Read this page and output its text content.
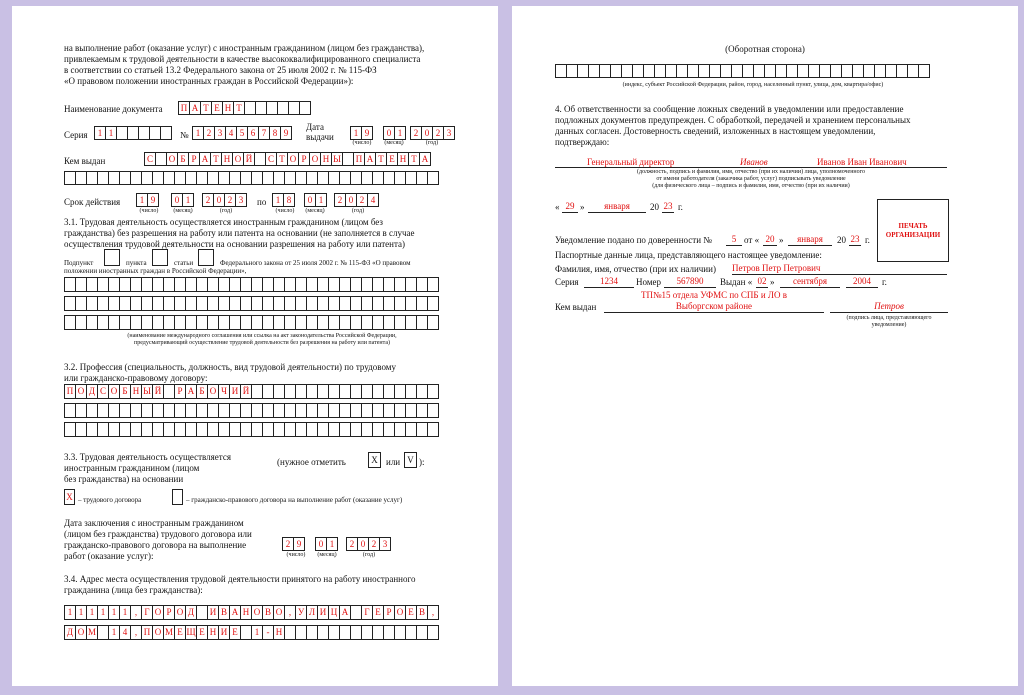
на выполнение работ (оказание услуг) с иностранным гражданином (лицом без гражданства),
привлекаемым к трудовой деятельности в качестве высококвалифицированного специалиста
в соответствии со статьей 13.2 Федерального закона от 25 июля 2002 г. № 115-ФЗ
«О правовом положении иностранных граждан в Российской Федерации»):
Наименование документа	П А Т Е Н Т
Серия	1 1	№ 1 2 3 4 5 6 7 8 9
Дата выдачи	1 9	0 1	2 0 2 3
(число)	(месяц)	(год)
Кем выдан	С	О Б Р А Т Н О Й	С Т О Р О Н Ы	П А Т Е Н Т А
Срок действия	1 9	0 1	2 0 2 3	по	1 8	0 1	2 0 2 4
(число)	(месяц)	(год)	(число)	(месяц)	(год)
3.1. Трудовая деятельность осуществляется иностранным гражданином (лицом без
гражданства) без разрешения на работу или патента на основании (не заполняется в случае
осуществления трудовой деятельности на основании разрешения на работу или патента)
Подпункт	пункта	статьи	Федерального закона от 25 июля 2002 г. № 115-ФЗ «О правовом
положении иностранных граждан в Российской Федерации»,
(наименование международного соглашения или ссылка на акт законодательства Российской Федерации,
предусматривающий осуществление трудовой деятельности без разрешения на работу или патента)
3.2. Профессия (специальность, должность, вид трудовой деятельности) по трудовому
или гражданско-правовому договору:
П О Д С О Б Н Ы Й	Р А Б О Ч И Й
3.3. Трудовая деятельность осуществляется
иностранным гражданином (лицом
без гражданства) на основании
(нужное отметить	X или V ):
X – трудового договора	– гражданско-правового договора на выполнение работ (оказание услуг)
Дата заключения с иностранным гражданином
(лицом без гражданства) трудового договора или
гражданско-правового договора на выполнение
работ (оказание услуг):
2 9	0 1	2 0 2 3
(число)	(месяц)	(год)
3.4. Адрес места осуществления трудовой деятельности принятого на работу иностранного
гражданина (лица без гражданства):
1 1 1 1 1 1 , Г О Р О Д	И В А Н О В О , У Л И Ц А	Г Е Р О Е В ,
Д О М	1 4 , П О М Е Щ Е Н И Е	1 - Н
(Оборотная сторона)
(индекс, субъект Российской Федерации, район, город, населенный пункт, улица, дом, квартира/офис)
4. Об ответственности за сообщение ложных сведений в уведомлении или предоставление
подложных документов предупрежден. С обработкой, передачей и хранением персональных
данных согласен. Достоверность сведений, изложенных в настоящем уведомлении,
подтверждаю:
Генеральный директор	Иванов	Иванов Иван Иванович
(должность, подпись и фамилия, имя, отчество (при их наличии) лица, уполномоченного
от имени работодателя (заказчика работ, услуг) подписывать уведомление
(для физического лица – подпись и фамилия, имя, отчество (при их наличии)
« 29 »	января	20 23 г.
ПЕЧАТЬ ОРГАНИЗАЦИИ
Уведомление подано по доверенности №	5 от « 20 »	января	20 23 г.
Паспортные данные лица, представляющего настоящее уведомление:
Фамилия, имя, отчество (при их наличии) Петров Петр Петрович
Серия	1234	Номер	567890	Выдан « 02 »	сентября	2004	г.
Кем выдан
ТП№15 отдела УФМС по СПБ и ЛО в
Выборгском районе	Петров
(подпись лица, представляющего
уведомление)
